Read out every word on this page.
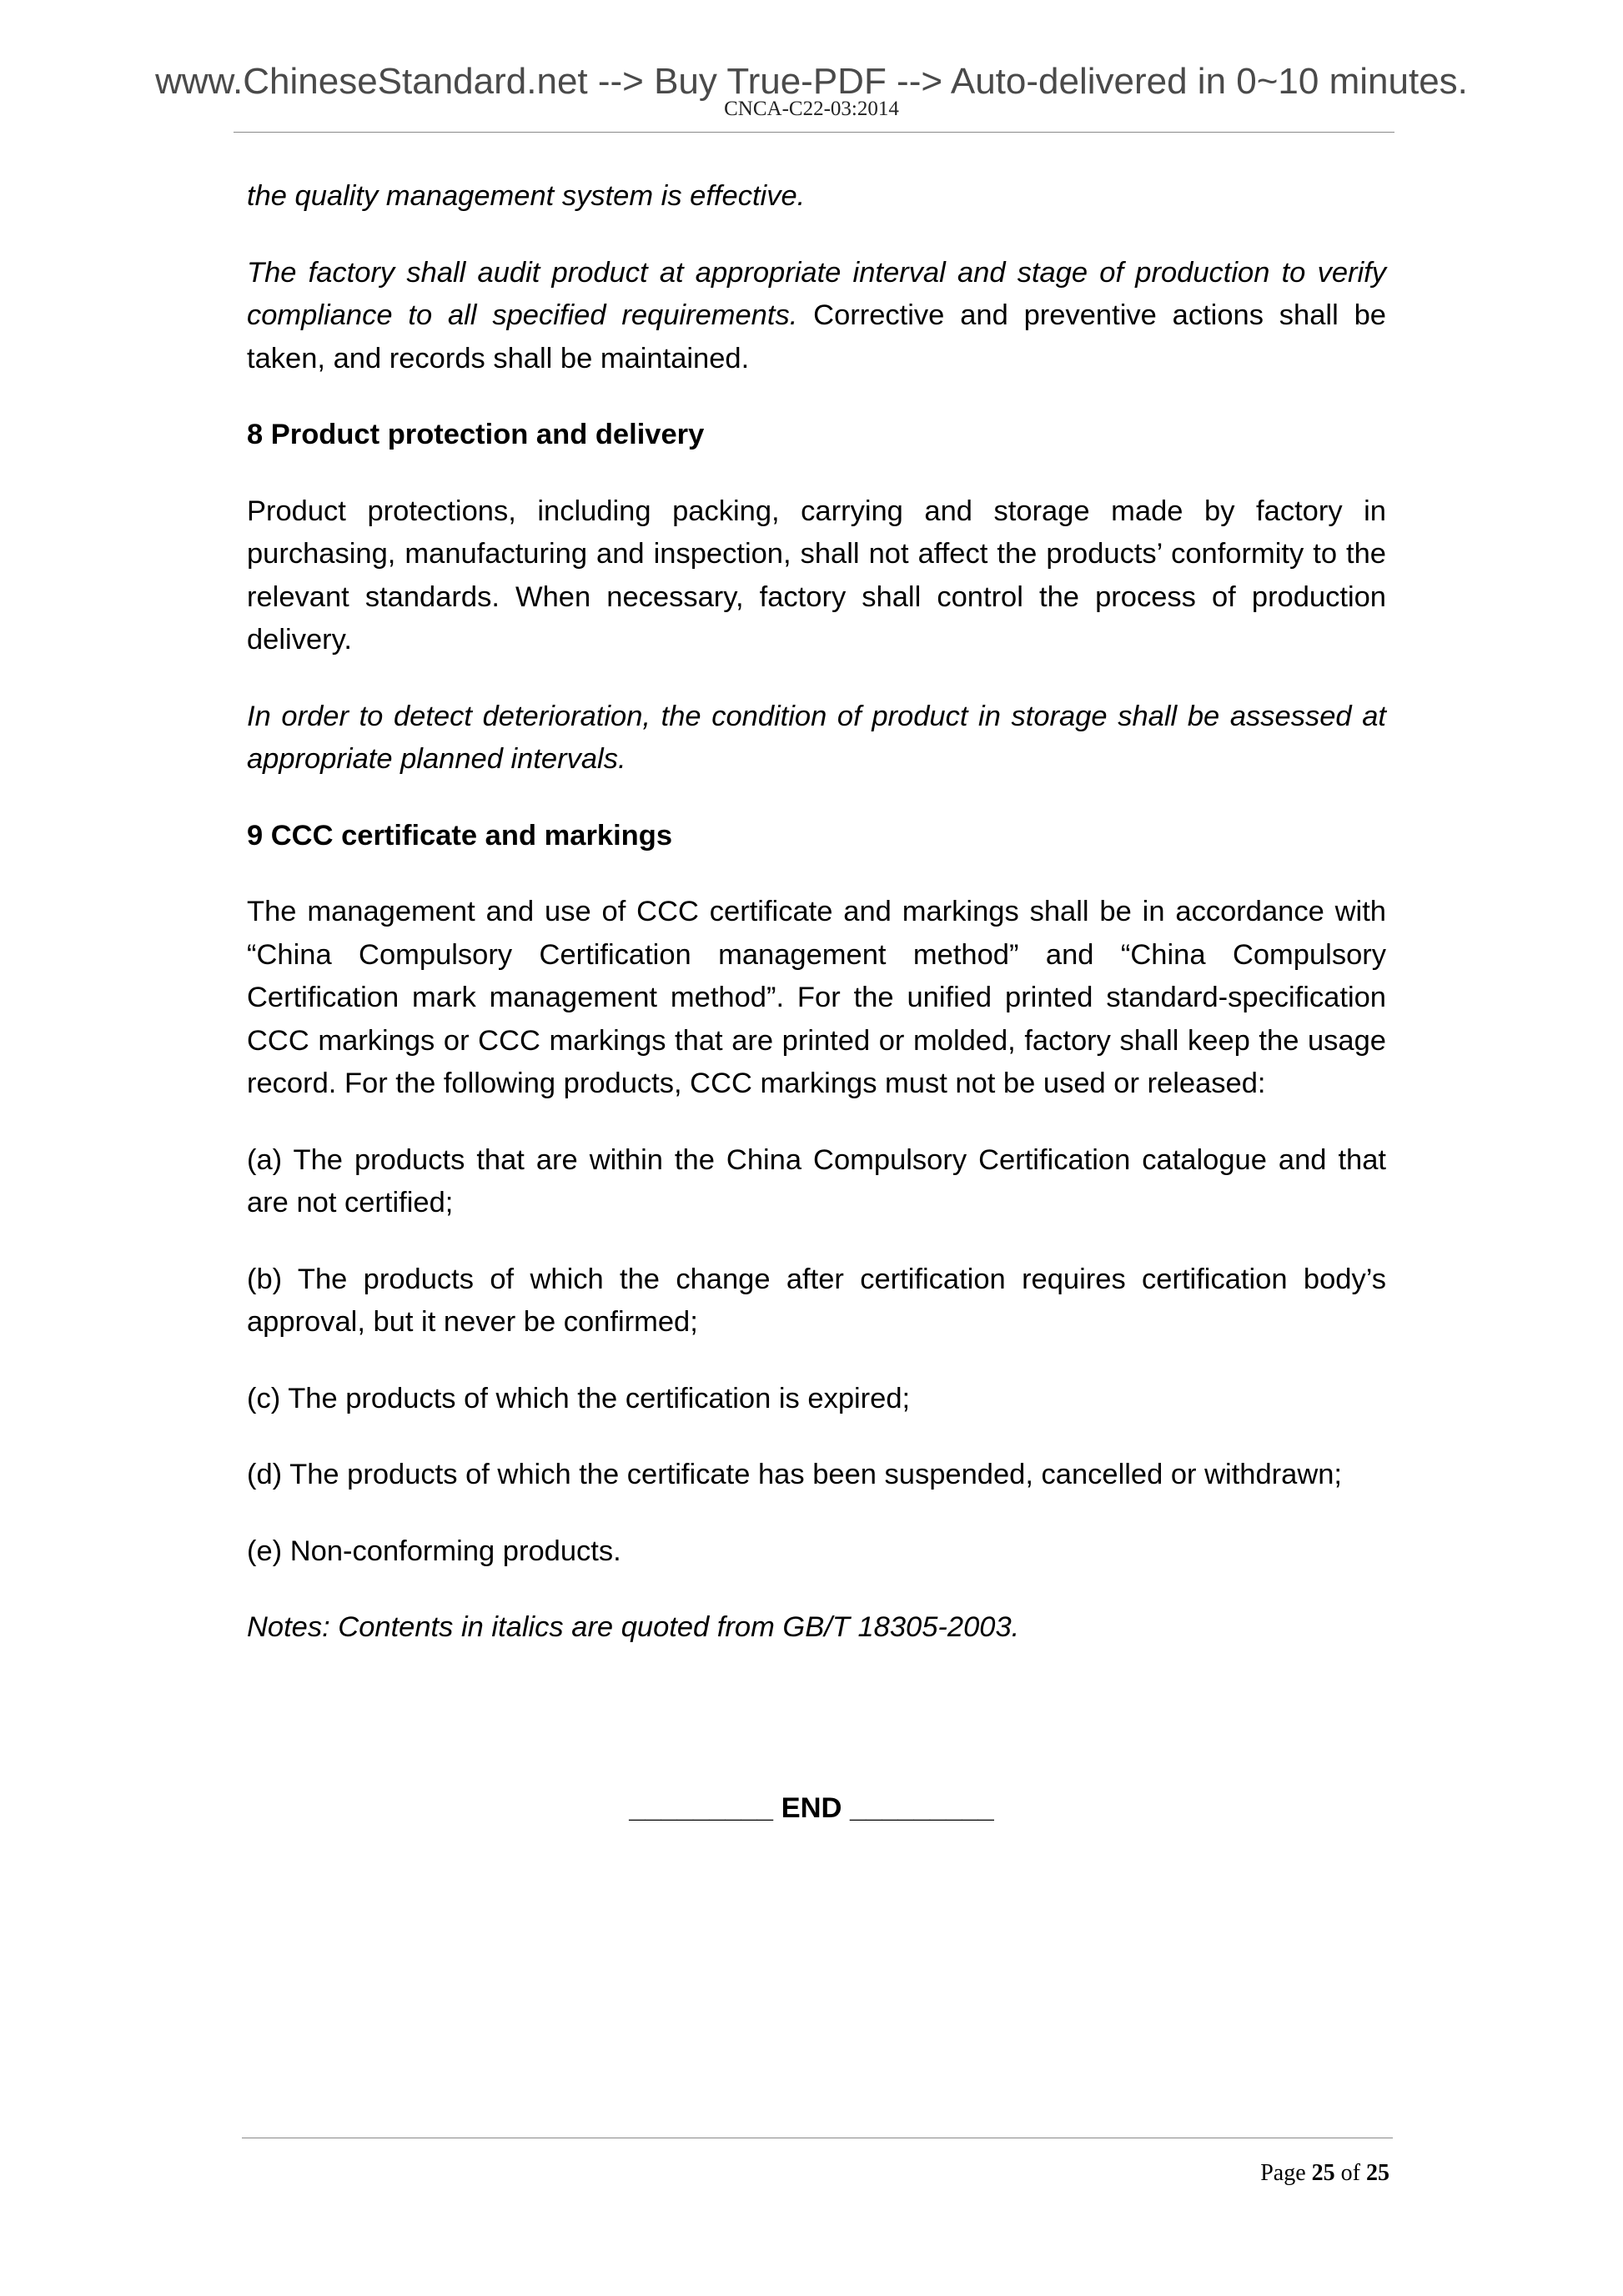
www.ChineseStandard.net --> Buy True-PDF --> Auto-delivered in 0~10 minutes.
CNCA-C22-03:2014

the quality management system is effective.

The factory shall audit product at appropriate interval and stage of production to verify compliance to all specified requirements. Corrective and preventive actions shall be taken, and records shall be maintained.

8 Product protection and delivery

Product protections, including packing, carrying and storage made by factory in purchasing, manufacturing and inspection, shall not affect the products’ conformity to the relevant standards. When necessary, factory shall control the process of production delivery.

In order to detect deterioration, the condition of product in storage shall be assessed at appropriate planned intervals.

9 CCC certificate and markings

The management and use of CCC certificate and markings shall be in accordance with “China Compulsory Certification management method” and “China Compulsory Certification mark management method”. For the unified printed standard-specification CCC markings or CCC markings that are printed or molded, factory shall keep the usage record. For the following products, CCC markings must not be used or released:

(a) The products that are within the China Compulsory Certification catalogue and that are not certified;

(b) The products of which the change after certification requires certification body’s approval, but it never be confirmed;

(c) The products of which the certification is expired;

(d) The products of which the certificate has been suspended, cancelled or withdrawn;

(e) Non-conforming products.

Notes: Contents in italics are quoted from GB/T 18305-2003.

_________ END _________
Page 25 of 25
